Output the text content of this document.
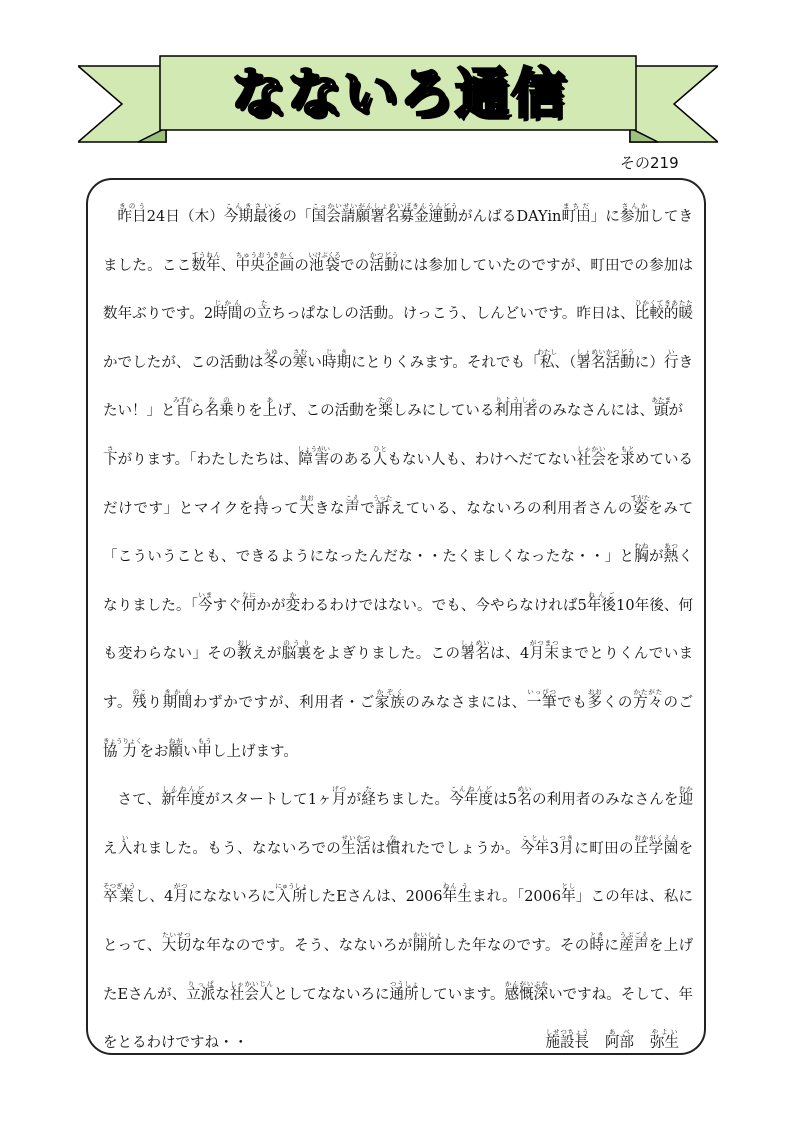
なないろ通信
その219

昨日きのう24日（木）今期最後こんきさいごの「国会請願署名募金運動こっかいせいがんしょめいぼきんうんどうがんばるDAYin町田まちだ」に参加さんかしてきました。ここ数年すうねん、中央企画ちゅうおうきかくの池袋いけぶくろでの活動かつどうには参加していたのですが、町田での参加は数年ぶりです。2時間じかんの立たちっぱなしの活動。けっこう、しんどいです。昨日は、比較的暖ひかくてきあたたかでしたが、この活動は冬ふゆの寒さむい時期じきにとりくみます。それでも「私わたし、（署名活動しょめいかつどうに）行いきたい！」と自みずから名な乗のりを上あげ、この活動を楽たのしみにしている利用者りようしゃのみなさんには、頭あたまが下さがります。「わたしたちは、障害しょうがいのある人ひともない人も、わけへだてない社会しゃかいを求もとめているだけです」とマイクを持もって大おおきな声こえで訴うったえている、なないろの利用者さんの姿すがたをみて「こういうことも、できるようになったんだな・・たくましくなったな・・」と胸むねが熱あつくなりました。「今いますぐ何なにかが変かわるわけではない。でも、今やらなければ5年後ねんご10年後、何も変わらない」その教おしえが脳裏のうりをよぎりました。この署名しょめいは、4月末がつまつまでとりくんでいます。残のこり期間きかんわずかですが、利用者・ご家族かぞくのみなさまには、一筆いっぴつでも多おおくの方々かたがたのご協力きょうりょくをお願ねがい申もうし上げます。

さて、新年度しんねんどがスタートして1ヶ月げつが経たちました。今年度こんねんどは5名めいの利用者のみなさんを迎むかえ入いれました。もう、なないろでの生活せいかつは慣なれたでしょうか。今年ことし3月つきに町田の丘学園おかがくえんを卒業そつぎょうし、4月がつになないろに入所にゅうしょしたEさんは、2006年ねん生うまれ。「2006年とし」この年は、私にとって、大切たいせつな年なのです。そう、なないろが開所かいしょした年なのです。その時ときに産声うぶごえを上げたEさんが、立派りっぱな社会人しゃかいじんとしてなないろに通所つうしょしています。感慨深かんがいぶかいですね。そして、年をとるわけですね・・	施設長しせつちょう阿部あべ弥生やよい
